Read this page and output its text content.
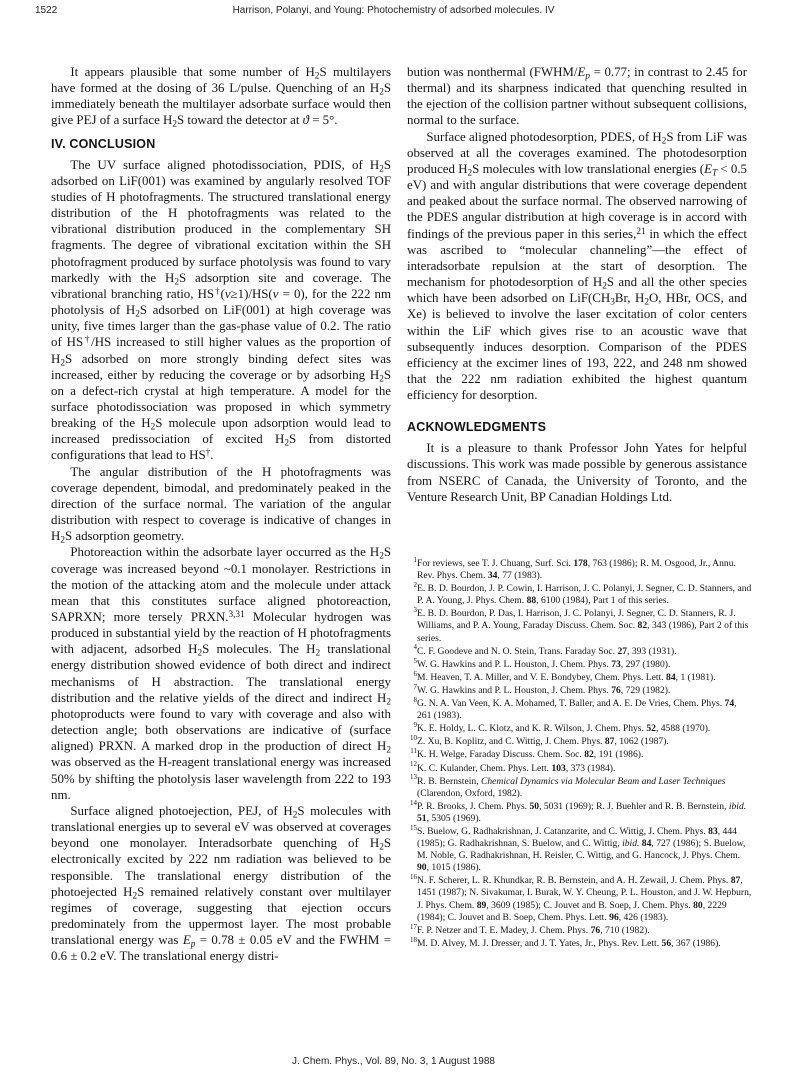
1522	Harrison, Polanyi, and Young: Photochemistry of adsorbed molecules. IV

It appears plausible that some number of $H_2S$ multilayers have formed at the dosing of 36 L/pulse. Quenching of an $H_2S$ immediately beneath the multilayer adsorbate surface would then give PEJ of a surface $H_2S$ toward the detector at ϑ = 5°.

IV. CONCLUSION

The UV surface aligned photodissociation, PDIS, of $H_2S$ adsorbed on LiF(001) was examined by angularly resolved TOF studies of H photofragments. The structured translational energy distribution of the H photofragments was related to the vibrational distribution produced in the complementary SH fragments. The degree of vibrational excitation within the SH photofragment produced by surface photolysis was found to vary markedly with the $H_2S$ adsorption site and coverage. The vibrational branching ratio, HS†(v≥1)/HS(v = 0), for the 222 nm photolysis of $H_2S$ adsorbed on LiF(001) at high coverage was unity, five times larger than the gas-phase value of 0.2. The ratio of HS†/HS increased to still higher values as the proportion of $H_2S$ adsorbed on more strongly binding defect sites was increased, either by reducing the coverage or by adsorbing $H_2S$ on a defect-rich crystal at high temperature. A model for the surface photodissociation was proposed in which symmetry breaking of the $H_2S$ molecule upon adsorption would lead to increased predissociation of excited $H_2S$ from distorted configurations that lead to HS†.

The angular distribution of the H photofragments was coverage dependent, bimodal, and predominately peaked in the direction of the surface normal. The variation of the angular distribution with respect to coverage is indicative of changes in $H_2S$ adsorption geometry.

Photoreaction within the adsorbate layer occurred as the $H_2S$ coverage was increased beyond ~0.1 monolayer. Restrictions in the motion of the attacking atom and the molecule under attack mean that this constitutes surface aligned photoreaction, SAPRXN; more tersely PRXN.$^{3,31}$ Molecular hydrogen was produced in substantial yield by the reaction of H photofragments with adjacent, adsorbed $H_2S$ molecules. The $H_2$ translational energy distribution showed evidence of both direct and indirect mechanisms of H abstraction. The translational energy distribution and the relative yields of the direct and indirect $H_2$ photoproducts were found to vary with coverage and also with detection angle; both observations are indicative of (surface aligned) PRXN. A marked drop in the production of direct $H_2$ was observed as the H-reagent translational energy was increased 50% by shifting the photolysis laser wavelength from 222 to 193 nm.

Surface aligned photoejection, PEJ, of $H_2S$ molecules with translational energies up to several eV was observed at coverages beyond one monolayer. Interadsorbate quenching of $H_2S$ electronically excited by 222 nm radiation was believed to be responsible. The translational energy distribution of the photoejected $H_2S$ remained relatively constant over multilayer regimes of coverage, suggesting that ejection occurs predominately from the uppermost layer. The most probable translational energy was $E_p = 0.78 \pm 0.05$ eV and the FWHM = 0.6 ± 0.2 eV. The translational energy distri-

bution was nonthermal ($FWHM/E_p = 0.77$; in contrast to 2.45 for thermal) and its sharpness indicated that quenching resulted in the ejection of the collision partner without subsequent collisions, normal to the surface.

Surface aligned photodesorption, PDES, of $H_2S$ from LiF was observed at all the coverages examined. The photodesorption produced $H_2S$ molecules with low translational energies ($E_T < 0.5$ eV) and with angular distributions that were coverage dependent and peaked about the surface normal. The observed narrowing of the PDES angular distribution at high coverage is in accord with findings of the previous paper in this series,$^{21}$ in which the effect was ascribed to “molecular channeling”—the effect of interadsorbate repulsion at the start of desorption. The mechanism for photodesorption of $H_2S$ and all the other species which have been adsorbed on $LiF(CH_3Br$, $H_2O$, HBr, OCS, and Xe) is believed to involve the laser excitation of color centers within the LiF which gives rise to an acoustic wave that subsequently induces desorption. Comparison of the PDES efficiency at the excimer lines of 193, 222, and 248 nm showed that the 222 nm radiation exhibited the highest quantum efficiency for desorption.

ACKNOWLEDGMENTS

It is a pleasure to thank Professor John Yates for helpful discussions. This work was made possible by generous assistance from NSERC of Canada, the University of Toronto, and the Venture Research Unit, BP Canadian Holdings Ltd.

$^1$For reviews, see T. J. Chuang, Surf. Sci. 178, 763 (1986); R. M. Osgood, Jr., Annu. Rev. Phys. Chem. 34, 77 (1983).
$^2$E. B. D. Bourdon, J. P. Cowin, I. Harrison, J. C. Polanyi, J. Segner, C. D. Stanners, and P. A. Young, J. Phys. Chem. 88, 6100 (1984), Part 1 of this series.
$^3$E. B. D. Bourdon, P. Das, I. Harrison, J. C. Polanyi, J. Segner, C. D. Stanners, R. J. Williams, and P. A. Young, Faraday Discuss. Chem. Soc. 82, 343 (1986), Part 2 of this series.
$^4$C. F. Goodeve and N. O. Stein, Trans. Faraday Soc. 27, 393 (1931).
$^5$W. G. Hawkins and P. L. Houston, J. Chem. Phys. 73, 297 (1980).
$^6$M. Heaven, T. A. Miller, and V. E. Bondybey, Chem. Phys. Lett. 84, 1 (1981).
$^7$W. G. Hawkins and P. L. Houston, J. Chem. Phys. 76, 729 (1982).
$^8$G. N. A. Van Veen, K. A. Mohamed, T. Baller, and A. E. De Vries, Chem. Phys. 74, 261 (1983).
$^9$K. E. Holdy, L. C. Klotz, and K. R. Wilson, J. Chem. Phys. 52, 4588 (1970).
$^{10}$Z. Xu, B. Koplitz, and C. Wittig, J. Chem. Phys. 87, 1062 (1987).
$^{11}$K. H. Welge, Faraday Discuss. Chem. Soc. 82, 191 (1986).
$^{12}$K. C. Kulander, Chem. Phys. Lett. 103, 373 (1984).
$^{13}$R. B. Bernstein, Chemical Dynamics via Molecular Beam and Laser Techniques (Clarendon, Oxford, 1982).
$^{14}$P. R. Brooks, J. Chem. Phys. 50, 5031 (1969); R. J. Buehler and R. B. Bernstein, ibid. 51, 5305 (1969).
$^{15}$S. Buelow, G. Radhakrishnan, J. Catanzarite, and C. Wittig, J. Chem. Phys. 83, 444 (1985); G. Radhakrishnan, S. Buelow, and C. Wittig, ibid. 84, 727 (1986); S. Buelow, M. Noble, G. Radhakrishnan, H. Reisler, C. Wittig, and G. Hancock, J. Phys. Chem. 90, 1015 (1986).
$^{16}$N. F. Scherer, L. R. Khundkar, R. B. Bernstein, and A. H. Zewail, J. Chem. Phys. 87, 1451 (1987); N. Sivakumar, I. Burak, W. Y. Cheung, P. L. Houston, and J. W. Hepburn, J. Phys. Chem. 89, 3609 (1985); C. Jouvet and B. Soep, J. Chem. Phys. 80, 2229 (1984); C. Jouvet and B. Soep, Chem. Phys. Lett. 96, 426 (1983).
$^{17}$F. P. Netzer and T. E. Madey, J. Chem. Phys. 76, 710 (1982).
$^{18}$M. D. Alvey, M. J. Dresser, and J. T. Yates, Jr., Phys. Rev. Lett. 56, 367 (1986).
J. Chem. Phys., Vol. 89, No. 3, 1 August 1988
